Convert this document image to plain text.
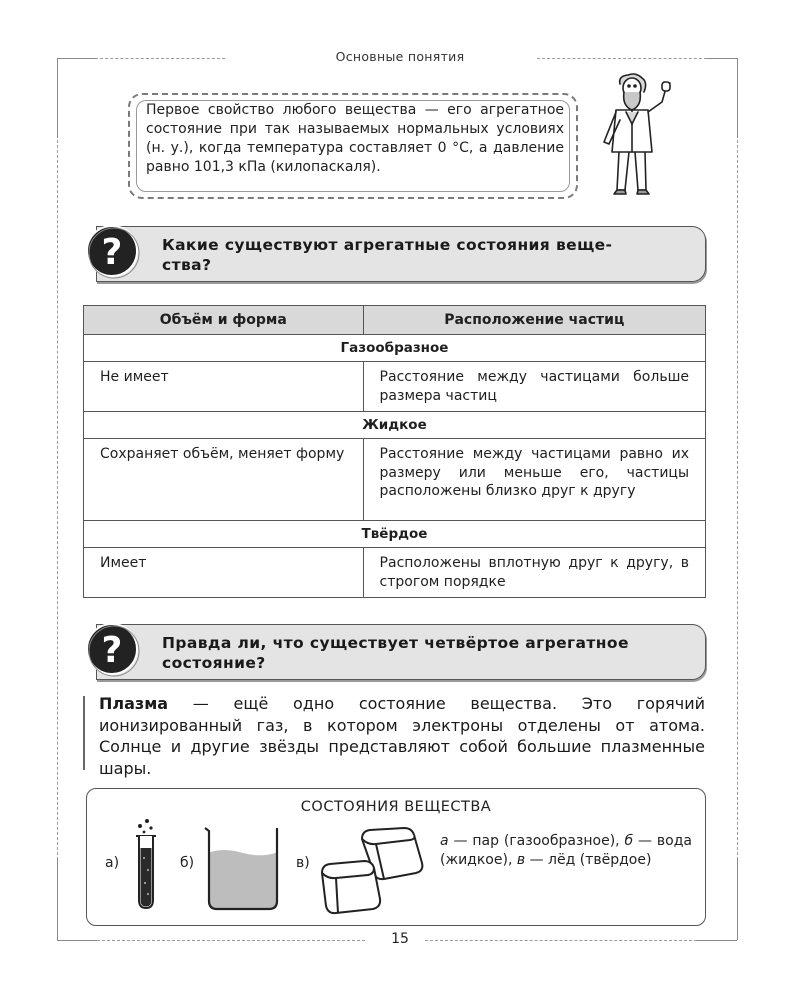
Основные понятия
Первое свойство любого вещества — его агрегатное состояние при так называемых нормальных условиях (н. у.), когда температура составляет 0 °С, а давление равно 101,3 кПа (килопаскаля).
?	Какие существуют агрегатные состояния веще-
ства?
Объём и форма	Расположение частиц
Газообразное	
Не имеет	Расстояние между частицами больше размера частиц
Жидкое	
Сохраняет объём, меняет форму	Расстояние между частицами равно их размеру или меньше его, частицы расположены близко друг к другу
Твёрдое	
Имеет	Расположены вплотную друг к другу, в строгом порядке
?	Правда ли, что существует четвёртое агрегатное
состояние?
Плазма — ещё одно состояние вещества. Это горячий ионизированный газ, в котором электроны отделены от атома. Солнце и другие звёзды представляют собой большие плазменные шары.
СОСТОЯНИЯ ВЕЩЕСТВА
а)	б)	в)
а — пар (газообразное), б — вода (жидкое), в — лёд (твёрдое)
15
